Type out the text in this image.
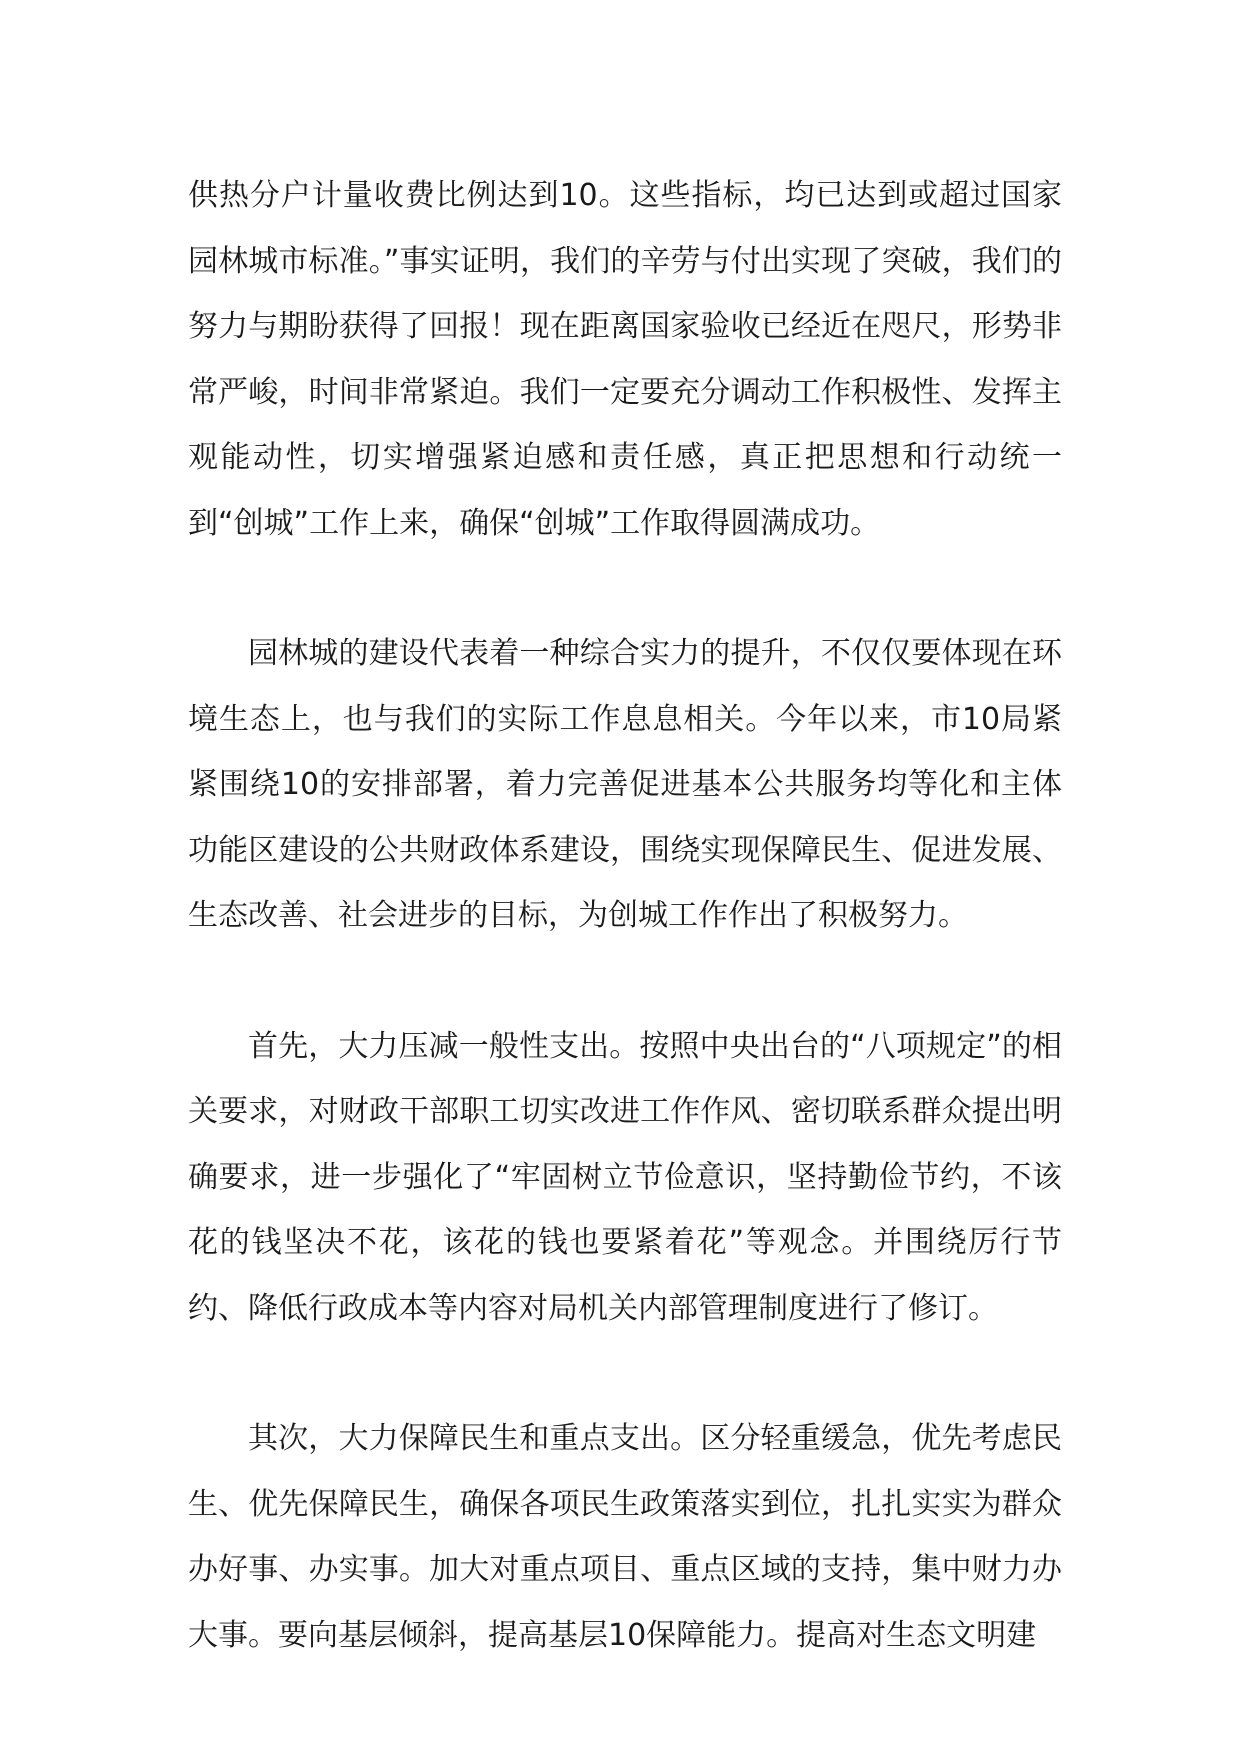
供热分户计量收费比例达到10。这些指标，均已达到或超过国家园林城市标准。”事实证明，我们的辛劳与付出实现了突破，我们的努力与期盼获得了回报！现在距离国家验收已经近在咫尺，形势非常严峻，时间非常紧迫。我们一定要充分调动工作积极性、发挥主观能动性，切实增强紧迫感和责任感，真正把思想和行动统一到“创城”工作上来，确保“创城”工作取得圆满成功。

园林城的建设代表着一种综合实力的提升，不仅仅要体现在环境生态上，也与我们的实际工作息息相关。今年以来，市10局紧紧围绕10的安排部署，着力完善促进基本公共服务均等化和主体功能区建设的公共财政体系建设，围绕实现保障民生、促进发展、生态改善、社会进步的目标，为创城工作作出了积极努力。

首先，大力压减一般性支出。按照中央出台的“八项规定”的相关要求，对财政干部职工切实改进工作作风、密切联系群众提出明确要求，进一步强化了“牢固树立节俭意识，坚持勤俭节约，不该花的钱坚决不花，该花的钱也要紧着花”等观念。并围绕厉行节约、降低行政成本等内容对局机关内部管理制度进行了修订。

其次，大力保障民生和重点支出。区分轻重缓急，优先考虑民生、优先保障民生，确保各项民生政策落实到位，扎扎实实为群众办好事、办实事。加大对重点项目、重点区域的支持，集中财力办大事。要向基层倾斜，提高基层10保障能力。提高对生态文明建
